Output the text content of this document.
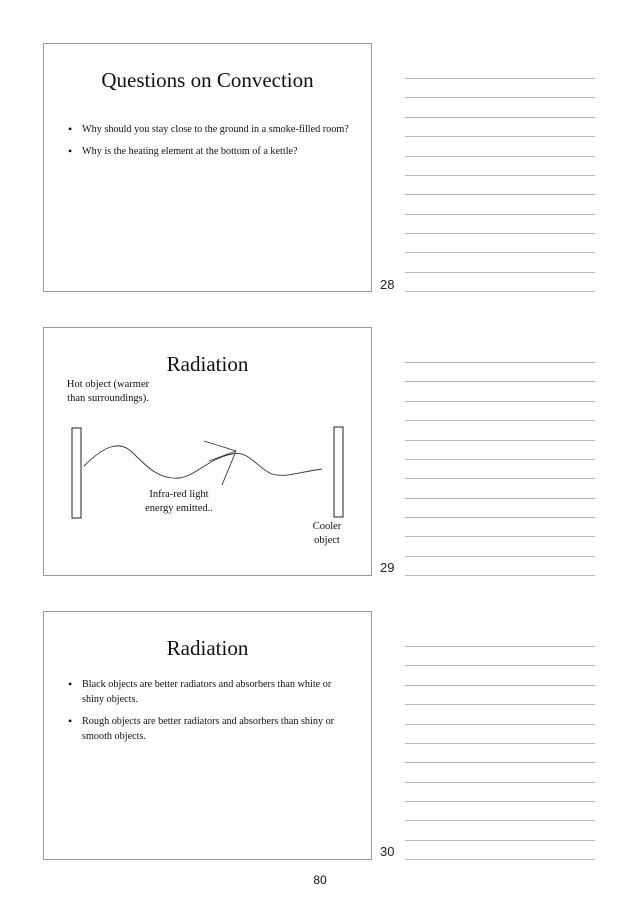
Questions on Convection
• Why should you stay close to the ground in a smoke-filled room?
• Why is the heating element at the bottom of a kettle?
28
Radiation
Hot object (warmer than surroundings).
Infra-red light energy emitted..
Cooler object
29
Radiation
• Black objects are better radiators and absorbers than white or shiny objects.
• Rough objects are better radiators and absorbers than shiny or smooth objects.
30
80
